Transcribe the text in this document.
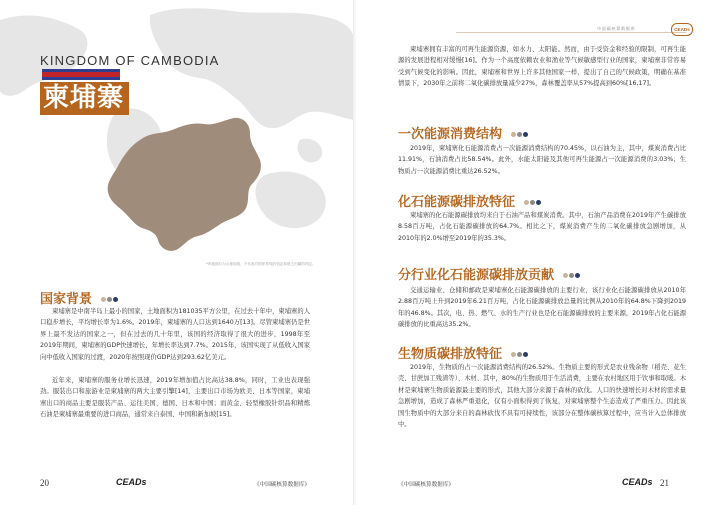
KINGDOM OF CAMBODIA
柬埔寨
*该地图仅为示意用图，不代表对国家界线的划定和领土归属的判定。
国家背景
柬埔寨是中南半岛上最小的国家，土地面积为181035平方公里，在过去十年中，柬埔寨的人口稳步增长，平均增长率为1.6%。2019年，柬埔寨的人口达到1640万[13]。尽管柬埔寨仍是世界上最不发达的国家之一，但在过去的几十年里，该国的经济取得了很大的进步，1998年至2019年期间，柬埔寨的GDP快速增长，年增长率达到7.7%。2015年，该国实现了从低收入国家向中低收入国家的过渡，2020年按照现价GDP达到293.62亿美元。
近年来，柬埔寨的服务业增长迅速，2019年增加值占比高达38.8%，同时，工业也表现强劲。服装出口和旅游业是柬埔寨的两大主要引擎[14]，主要出口市场为欧美、日本等国家，柬埔寨出口的商品主要是服装产品、运往美国、德国、日本和中国；而黄金、轻型橡胶针织品和精炼石油是柬埔寨最重要的进口商品，通常来自泰国、中国和新加坡[15]。
20	CEADs	《中国碳核算数据库》
中国碳核算数据库	CEADs
柬埔寨拥有丰富的可再生能源资源，如水力、太阳能。然而，由于受资金和经验的限制，可再生能源的发展进程相对缓慢[16]。作为一个高度依赖农业和渔业等气候敏感型行业的国家，柬埔寨非常容易受到气候变化的影响。因此，柬埔寨和世界上许多其他国家一样，提出了自己的气候政策，明确在基准情景下，2030年之前将二氧化碳排放量减少27%，森林覆盖率从57%提高到60%[16,17]。
一次能源消费结构
2019年，柬埔寨化石能源消费占一次能源消费结构的70.45%，以石油为主，其中，煤炭消费占比11.91%，石油消费占比58.54%。此外，水能太阳能及其他可再生能源占一次能源消费的3.03%；生物质占一次能源消费比重达26.52%。
化石能源碳排放特征
柬埔寨的化石能源碳排放均来自于石油产品和煤炭消费。其中，石油产品消费在2019年产生碳排放8.58百万吨，占化石能源碳排放的64.7%。相比之下，煤炭消费产生的二氧化碳排放急剧增加，从2010年的2.0%增至2019年的35.3%。
分行业化石能源碳排放贡献
交通运输业、仓储和邮政是柬埔寨化石能源碳排放的主要行业，该行业化石能源碳排放从2010年2.88百万吨上升到2019年6.21百万吨，占化石能源碳排放总量的比例从2010年的64.8%下降到2019年的46.8%。其次，电、热、燃气、水的生产行业也是化石能源碳排放的主要来源，2019年占化石能源碳排放的比重高达35.2%。
生物质碳排放特征
2019年，生物质的占一次能源消费结构的26.52%。生物质主要的形式是农业残余物（稻壳、花生壳、甘蔗加工残渣等）、木材、其中，80%的生物质用于生活消费，主要在农村地区用于饮事和取暖。木材是柬埔寨生物质能源最主要的形式，其他大部分来源于森林的砍伐。人口的快速增长对木材的需求量急剧增加，造成了森林严重退化，仅有小面积得到了恢复，对柬埔寨整个生态造成了严重压力。因此该国生物质中的大部分来自的森林砍伐不具有可持续性，该部分在整体碳核算过程中，应当计入总体排放中。
《中国碳核算数据库》	CEADs 21
